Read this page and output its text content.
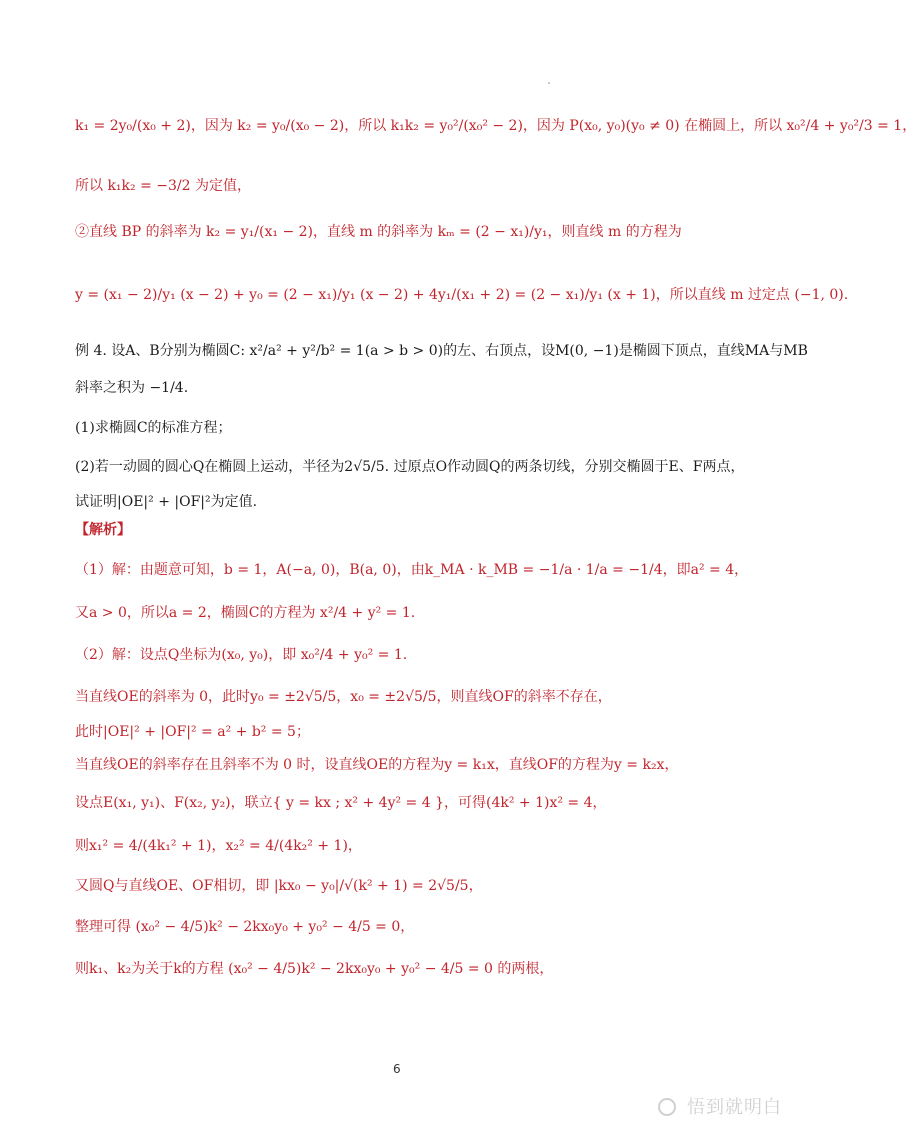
k₁ = 2y₀/(x₀ + 2)，因为 k₂ = y₀/(x₀ − 2)，所以 k₁k₂ = y₀²/(x₀² − 2)，因为 P(x₀, y₀)(y₀ ≠ 0) 在椭圆上，所以 x₀²/4 + y₀²/3 = 1，
所以 k₁k₂ = −3/2 为定值，
②直线 BP 的斜率为 k₂ = y₁/(x₁ − 2)，直线 m 的斜率为 kₘ = (2 − x₁)/y₁，则直线 m 的方程为
y = (x₁ − 2)/y₁ (x − 2) + y₀ = (2 − x₁)/y₁ (x − 2) + 4y₁/(x₁ + 2) = (2 − x₁)/y₁ (x + 1)，所以直线 m 过定点 (−1, 0).
例 4. 设A、B分别为椭圆C: x²/a² + y²/b² = 1(a > b > 0)的左、右顶点，设M(0, −1)是椭圆下顶点，直线MA与MB
斜率之积为 −1/4.
(1)求椭圆C的标准方程；
(2)若一动圆的圆心Q在椭圆上运动，半径为2√5/5. 过原点O作动圆Q的两条切线，分别交椭圆于E、F两点，
试证明|OE|² + |OF|²为定值.
【解析】
（1）解：由题意可知，b = 1，A(−a, 0)，B(a, 0)，由k_MA · k_MB = −1/a · 1/a = −1/4，即a² = 4，
又a > 0，所以a = 2，椭圆C的方程为 x²/4 + y² = 1.
（2）解：设点Q坐标为(x₀, y₀)，即 x₀²/4 + y₀² = 1.
当直线OE的斜率为 0，此时y₀ = ±2√5/5，x₀ = ±2√5/5，则直线OF的斜率不存在，
此时|OE|² + |OF|² = a² + b² = 5；
当直线OE的斜率存在且斜率不为 0 时，设直线OE的方程为y = k₁x，直线OF的方程为y = k₂x，
设点E(x₁, y₁)、F(x₂, y₂)，联立{ y = kx ; x² + 4y² = 4 }，可得(4k² + 1)x² = 4，
则x₁² = 4/(4k₁² + 1)，x₂² = 4/(4k₂² + 1)，
又圆Q与直线OE、OF相切，即 |kx₀ − y₀|/√(k² + 1) = 2√5/5，
整理可得 (x₀² − 4/5)k² − 2kx₀y₀ + y₀² − 4/5 = 0，
则k₁、k₂为关于k的方程 (x₀² − 4/5)k² − 2kx₀y₀ + y₀² − 4/5 = 0 的两根，
6
悟到就明白
